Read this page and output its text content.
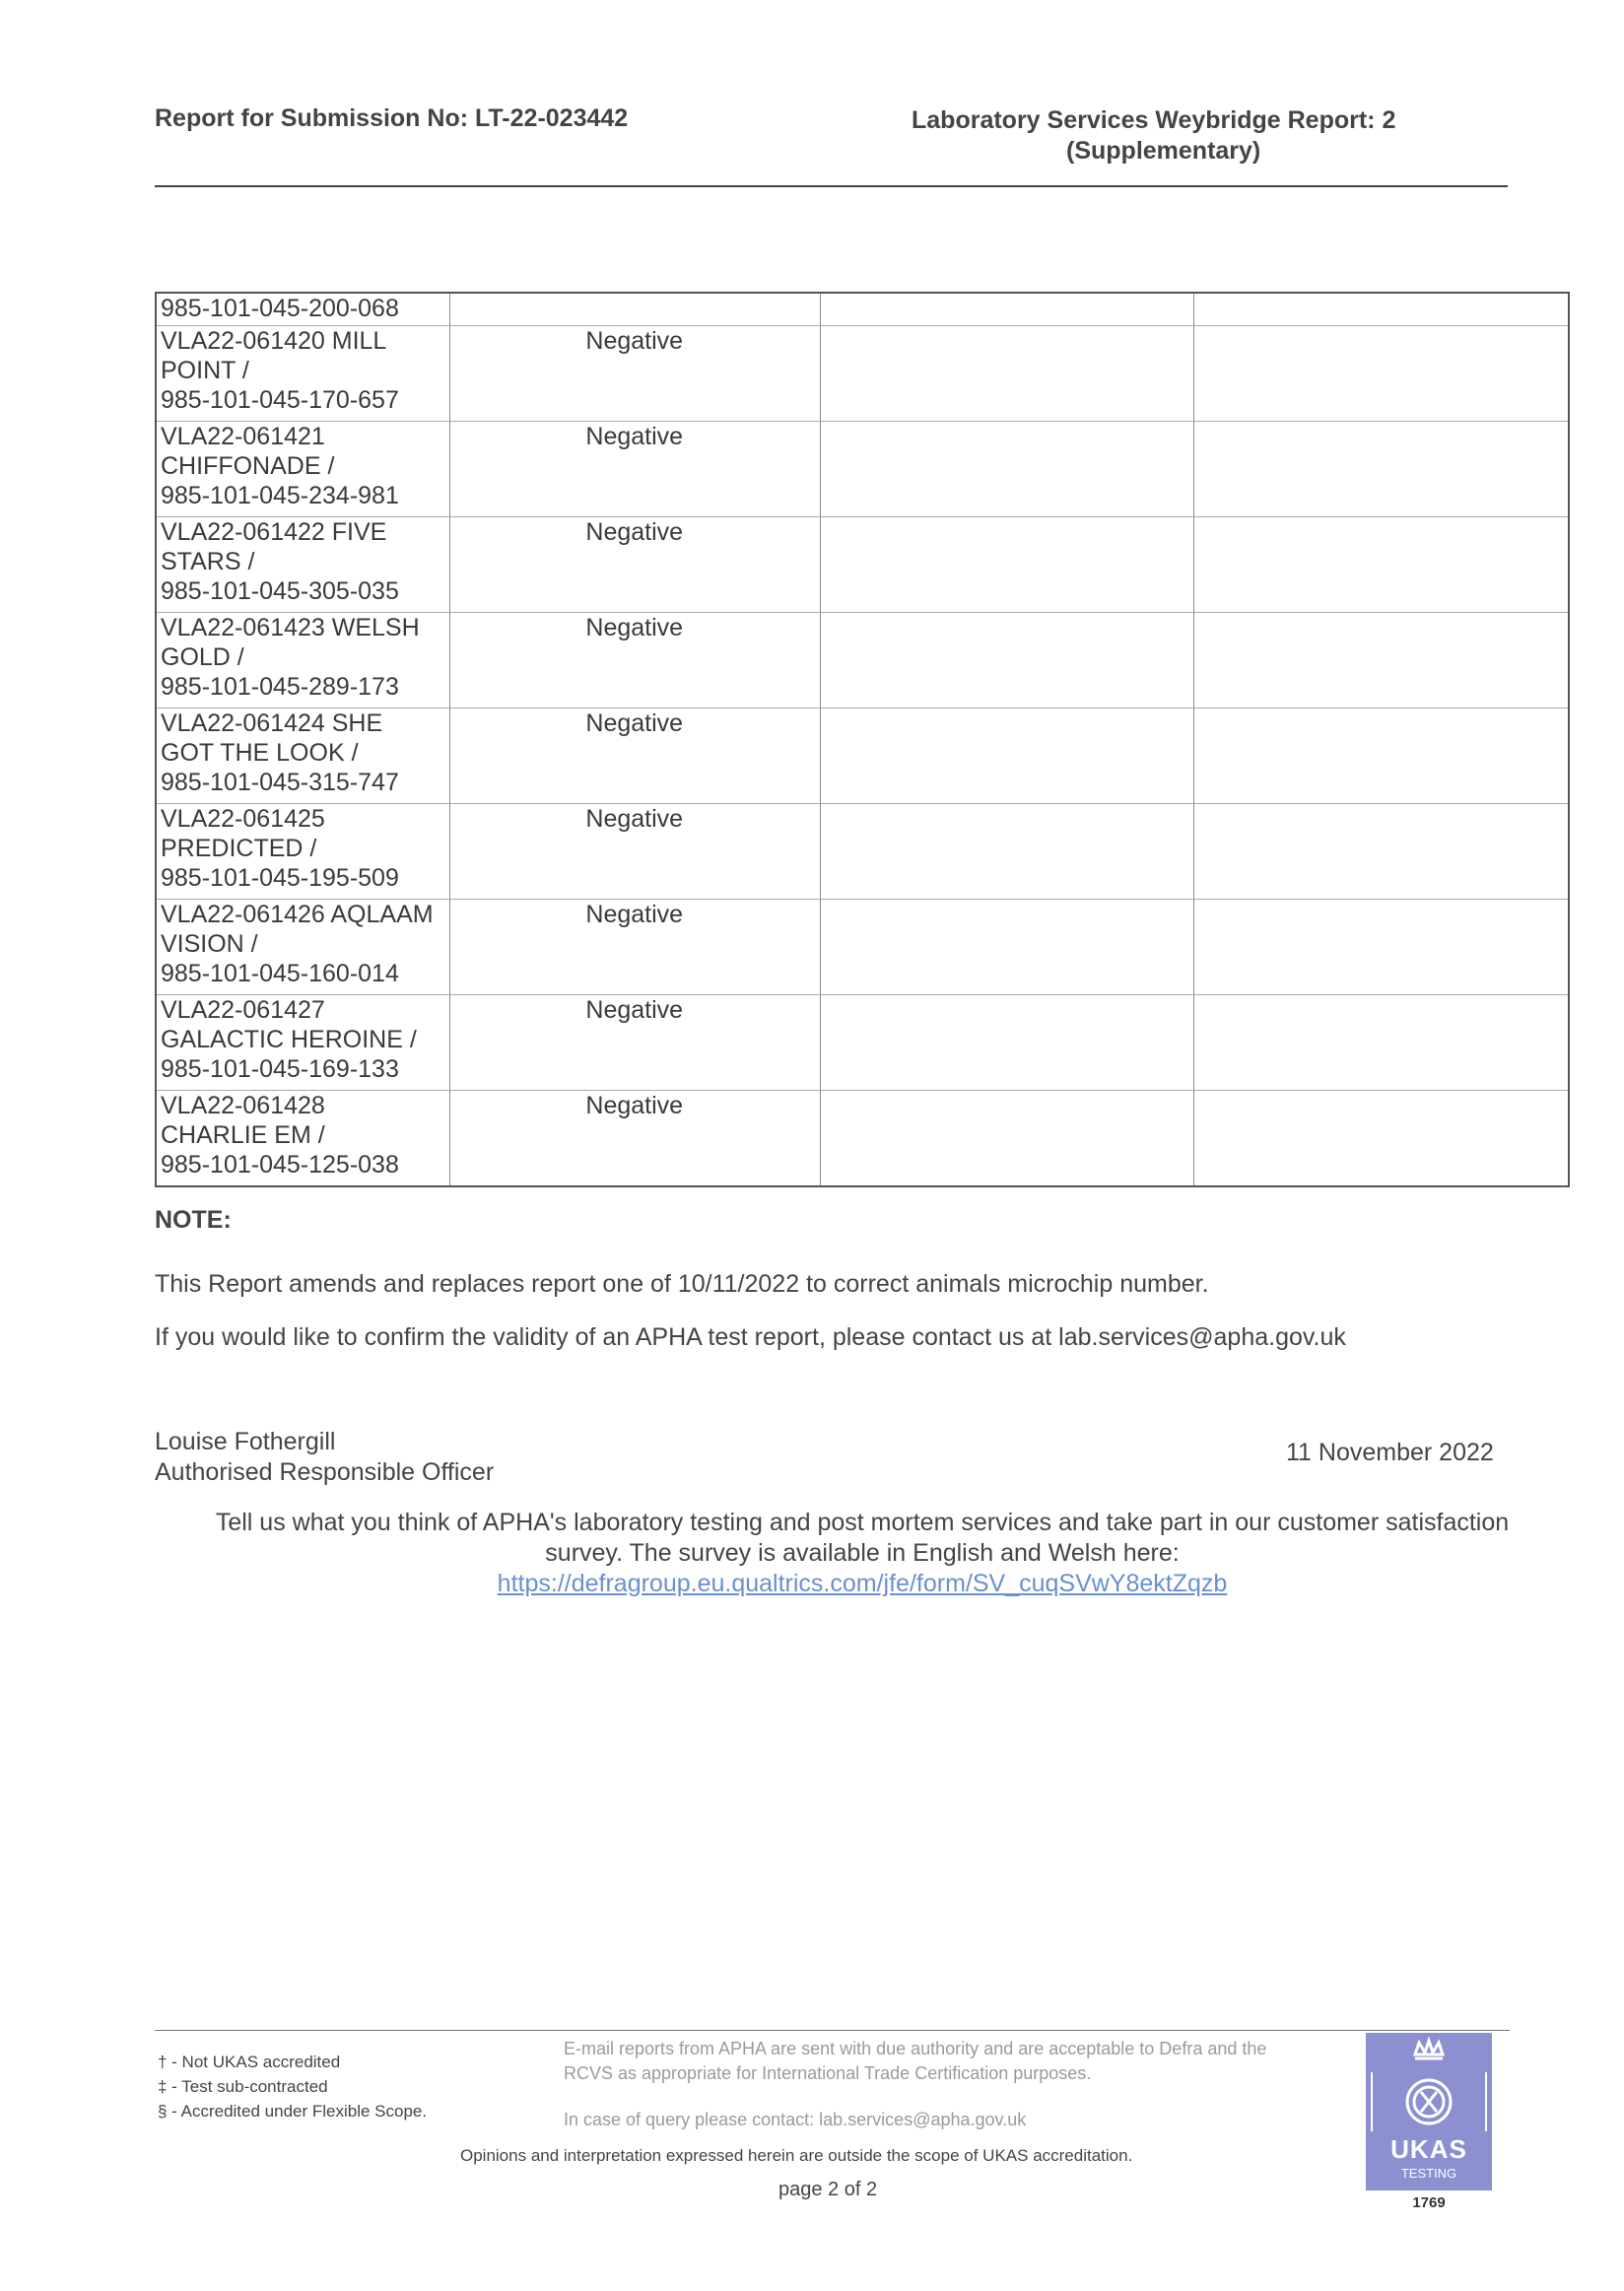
Report for Submission No: LT-22-023442	Laboratory Services Weybridge Report: 2
(Supplementary)
985-101-045-200-068			

VLA22-061420 MILL
POINT /
985-101-045-170-657	Negative		

VLA22-061421
CHIFFONADE /
985-101-045-234-981	Negative		

VLA22-061422 FIVE
STARS /
985-101-045-305-035	Negative		

VLA22-061423 WELSH
GOLD /
985-101-045-289-173	Negative		

VLA22-061424 SHE
GOT THE LOOK /
985-101-045-315-747	Negative		

VLA22-061425
PREDICTED /
985-101-045-195-509	Negative		

VLA22-061426 AQLAAM
VISION /
985-101-045-160-014	Negative		

VLA22-061427
GALACTIC HEROINE /
985-101-045-169-133	Negative		

VLA22-061428
CHARLIE EM /
985-101-045-125-038	Negative		

NOTE:
This Report amends and replaces report one of 10/11/2022 to correct animals microchip number.
If you would like to confirm the validity of an APHA test report, please contact us at lab.services@apha.gov.uk
Louise Fothergill
Authorised Responsible Officer
11 November 2022
Tell us what you think of APHA's laboratory testing and post mortem services and take part in our customer satisfaction
survey. The survey is available in English and Welsh here:
https://defragroup.eu.qualtrics.com/jfe/form/SV_cuqSVwY8ektZqzb
† - Not UKAS accredited
‡ - Test sub-contracted
§ - Accredited under Flexible Scope.
E-mail reports from APHA are sent with due authority and are acceptable to Defra and the RCVS as appropriate for International Trade Certification purposes.
In case of query please contact: lab.services@apha.gov.uk
Opinions and interpretation expressed herein are outside the scope of UKAS accreditation.
page 2 of 2
UKAS
TESTING
1769
